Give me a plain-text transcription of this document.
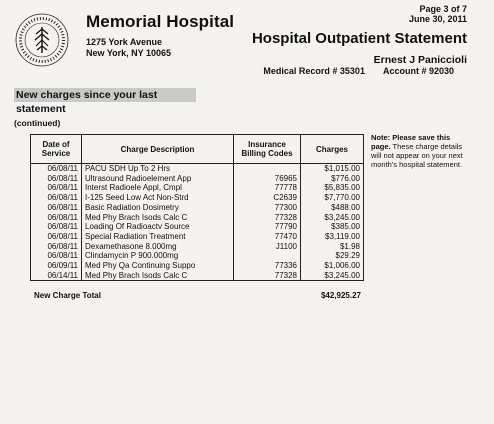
Memorial Hospital
1275 York Avenue
New York, NY 10065
Page 3 of 7
June 30, 2011
Hospital Outpatient Statement
Ernest J Paniccioli
Medical Record # 35301 Account # 92030
New charges since your last statement
(continued)
Date of Service	Charge Description	Insurance Billing Codes	Charges
06/08/11	PACU SDH Up To 2 Hrs		$1,015.00
06/08/11	Ultrasound Radioelement App	76965	$776.00
06/08/11	Interst Radioele Appl, Cmpl	77778	$5,835.00
06/08/11	I-125 Seed Low Act Non-Strd	C2639	$7,770.00
06/08/11	Basic Radiation Dosimetry	77300	$488.00
06/08/11	Med Phy Brach Isods Calc C	77328	$3,245.00
06/08/11	Loading Of Radioactv Source	77790	$385.00
06/08/11	Special Radiation Treatment	77470	$3,119.00
06/08/11	Dexamethasone 8.000mg	J1100	$1.98
06/08/11	Clindamycin P 900.000mg		$29.29
06/09/11	Med Phy Qa Continuing Suppo	77336	$1,006.00
06/14/11	Med Phy Brach Isods Calc C	77328	$3,245.00
New Charge Total	$42,925.27
Note: Please save this page. These charge details will not appear on your next month's hospital statement.
